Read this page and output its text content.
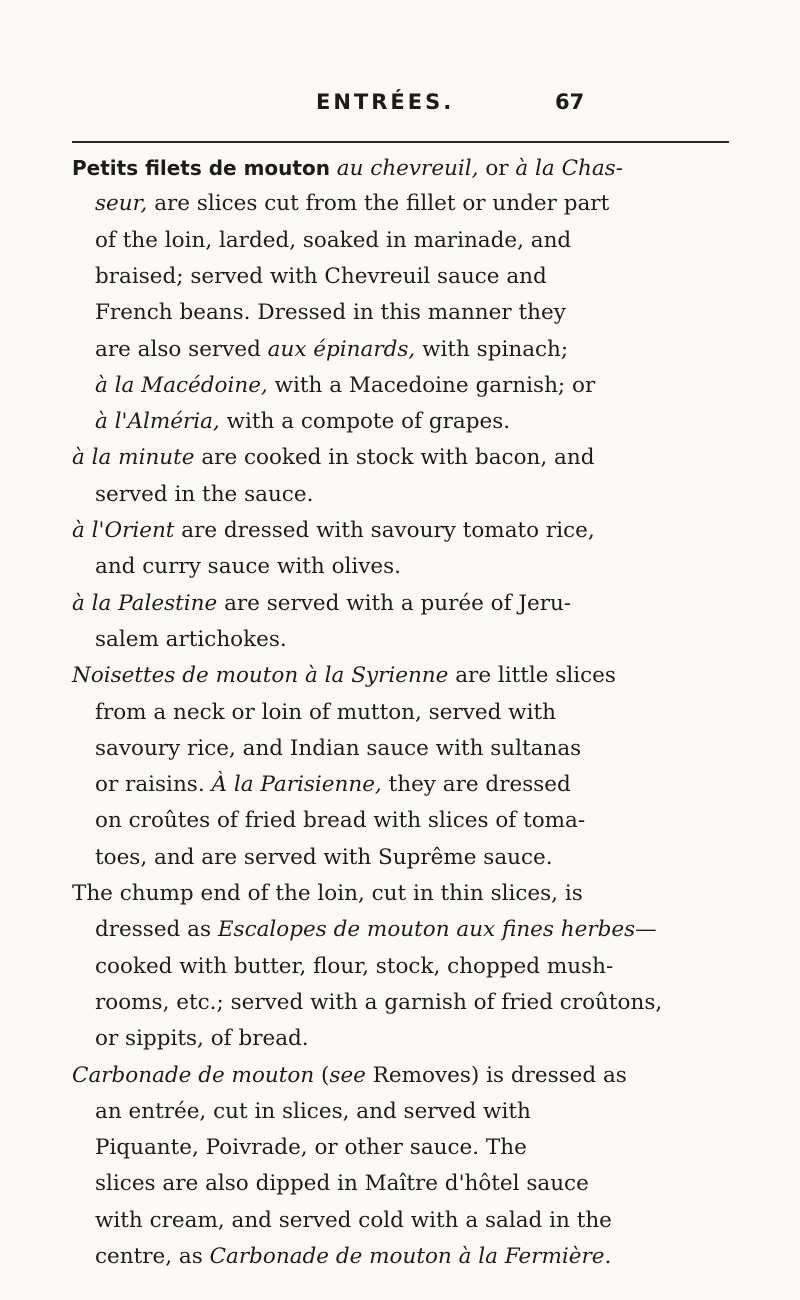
ENTRÉES.	67
Petits filets de mouton au chevreuil, or à la Chas-
seur, are slices cut from the fillet or under part
of the loin, larded, soaked in marinade, and
braised; served with Chevreuil sauce and
French beans. Dressed in this manner they
are also served aux épinards, with spinach;
à la Macédoine, with a Macedoine garnish; or
à l'Alméria, with a compote of grapes.
à la minute are cooked in stock with bacon, and
served in the sauce.
à l'Orient are dressed with savoury tomato rice,
and curry sauce with olives.
à la Palestine are served with a purée of Jeru-
salem artichokes.
Noisettes de mouton à la Syrienne are little slices
from a neck or loin of mutton, served with
savoury rice, and Indian sauce with sultanas
or raisins. À la Parisienne, they are dressed
on croûtes of fried bread with slices of toma-
toes, and are served with Suprême sauce.
The chump end of the loin, cut in thin slices, is
dressed as Escalopes de mouton aux fines herbes—
cooked with butter, flour, stock, chopped mush-
rooms, etc.; served with a garnish of fried croûtons,
or sippits, of bread.
Carbonade de mouton (see Removes) is dressed as
an entrée, cut in slices, and served with
Piquante, Poivrade, or other sauce. The
slices are also dipped in Maître d'hôtel sauce
with cream, and served cold with a salad in the
centre, as Carbonade de mouton à la Fermière.
